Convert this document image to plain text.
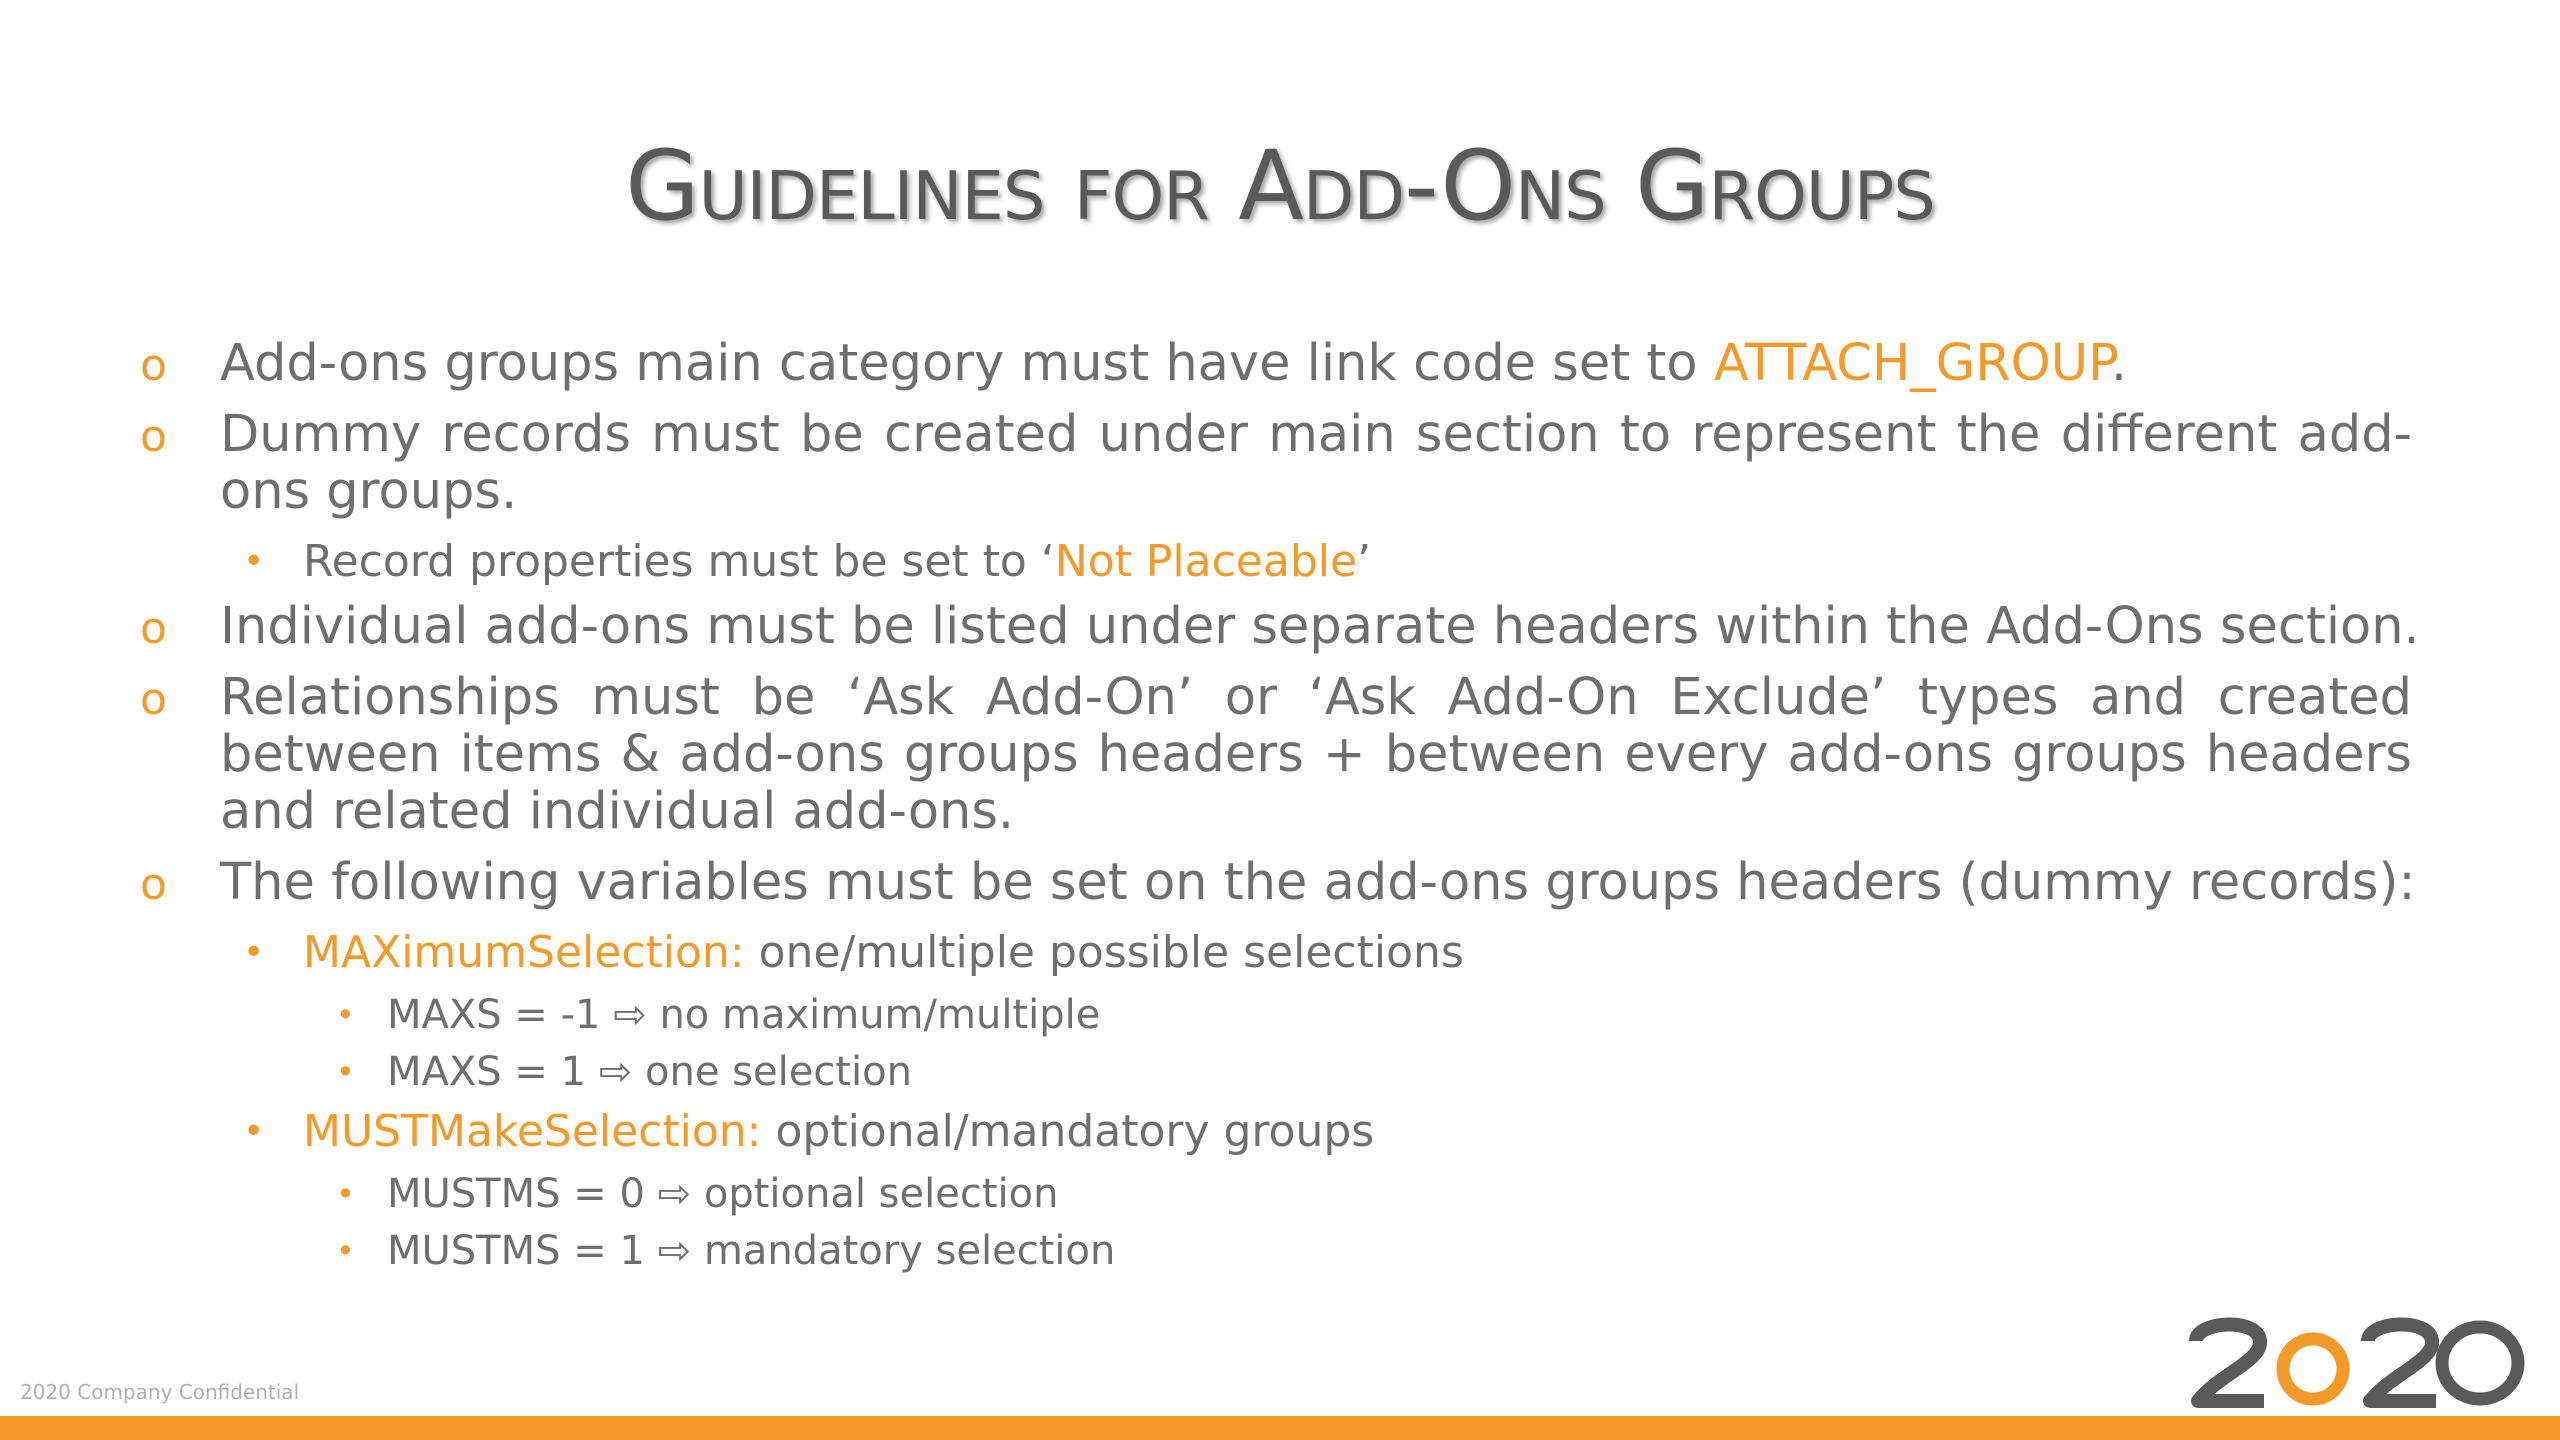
Guidelines for Add-Ons Groups
o Add-ons groups main category must have link code set to ATTACH_GROUP.
o Dummy records must be created under main section to represent the different add-ons groups.
• Record properties must be set to ‘Not Placeable’
o Individual add-ons must be listed under separate headers within the Add-Ons section.
o Relationships must be ‘Ask Add-On’ or ‘Ask Add-On Exclude’ types and created between items & add-ons groups headers + between every add-ons groups headers and related individual add-ons.
o The following variables must be set on the add-ons groups headers (dummy records):
• MAXimumSelection: one/multiple possible selections
• MAXS = -1 ⇨ no maximum/multiple
• MAXS = 1 ⇨ one selection
• MUSTMakeSelection: optional/mandatory groups
• MUSTMS = 0 ⇨ optional selection
• MUSTMS = 1 ⇨ mandatory selection
2020 Company Confidential
2020
